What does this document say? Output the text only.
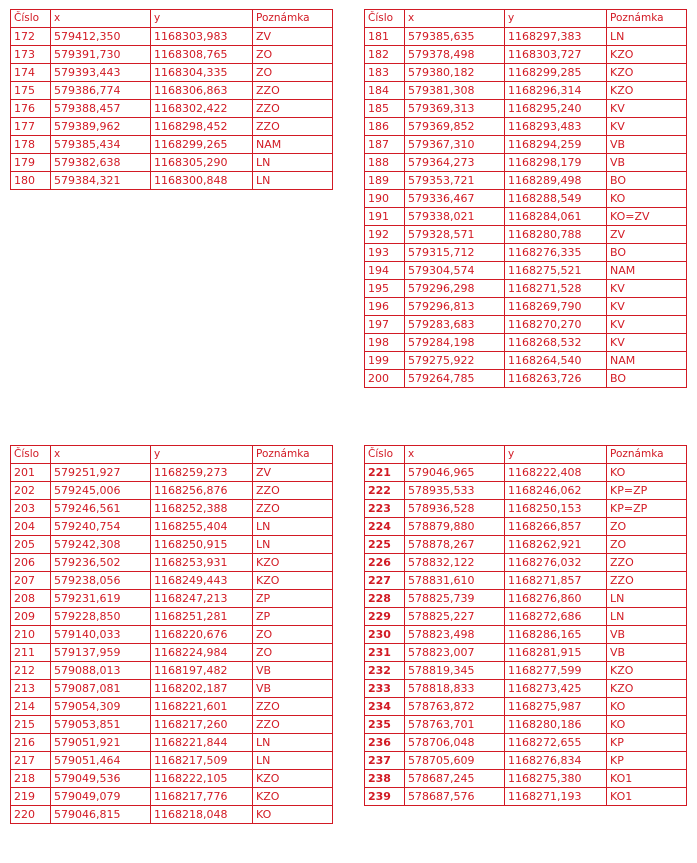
Číslo	x	y	Poznámka
172	579412,350	1168303,983	ZV
173	579391,730	1168308,765	ZO
174	579393,443	1168304,335	ZO
175	579386,774	1168306,863	ZZO
176	579388,457	1168302,422	ZZO
177	579389,962	1168298,452	ZZO
178	579385,434	1168299,265	NAM
179	579382,638	1168305,290	LN
180	579384,321	1168300,848	LN
Číslo	x	y	Poznámka
181	579385,635	1168297,383	LN
182	579378,498	1168303,727	KZO
183	579380,182	1168299,285	KZO
184	579381,308	1168296,314	KZO
185	579369,313	1168295,240	KV
186	579369,852	1168293,483	KV
187	579367,310	1168294,259	VB
188	579364,273	1168298,179	VB
189	579353,721	1168289,498	BO
190	579336,467	1168288,549	KO
191	579338,021	1168284,061	KO=ZV
192	579328,571	1168280,788	ZV
193	579315,712	1168276,335	BO
194	579304,574	1168275,521	NAM
195	579296,298	1168271,528	KV
196	579296,813	1168269,790	KV
197	579283,683	1168270,270	KV
198	579284,198	1168268,532	KV
199	579275,922	1168264,540	NAM
200	579264,785	1168263,726	BO
Číslo	x	y	Poznámka
201	579251,927	1168259,273	ZV
202	579245,006	1168256,876	ZZO
203	579246,561	1168252,388	ZZO
204	579240,754	1168255,404	LN
205	579242,308	1168250,915	LN
206	579236,502	1168253,931	KZO
207	579238,056	1168249,443	KZO
208	579231,619	1168247,213	ZP
209	579228,850	1168251,281	ZP
210	579140,033	1168220,676	ZO
211	579137,959	1168224,984	ZO
212	579088,013	1168197,482	VB
213	579087,081	1168202,187	VB
214	579054,309	1168221,601	ZZO
215	579053,851	1168217,260	ZZO
216	579051,921	1168221,844	LN
217	579051,464	1168217,509	LN
218	579049,536	1168222,105	KZO
219	579049,079	1168217,776	KZO
220	579046,815	1168218,048	KO
Číslo	x	y	Poznámka
221	579046,965	1168222,408	KO
222	578935,533	1168246,062	KP=ZP
223	578936,528	1168250,153	KP=ZP
224	578879,880	1168266,857	ZO
225	578878,267	1168262,921	ZO
226	578832,122	1168276,032	ZZO
227	578831,610	1168271,857	ZZO
228	578825,739	1168276,860	LN
229	578825,227	1168272,686	LN
230	578823,498	1168286,165	VB
231	578823,007	1168281,915	VB
232	578819,345	1168277,599	KZO
233	578818,833	1168273,425	KZO
234	578763,872	1168275,987	KO
235	578763,701	1168280,186	KO
236	578706,048	1168272,655	KP
237	578705,609	1168276,834	KP
238	578687,245	1168275,380	KO1
239	578687,576	1168271,193	KO1
